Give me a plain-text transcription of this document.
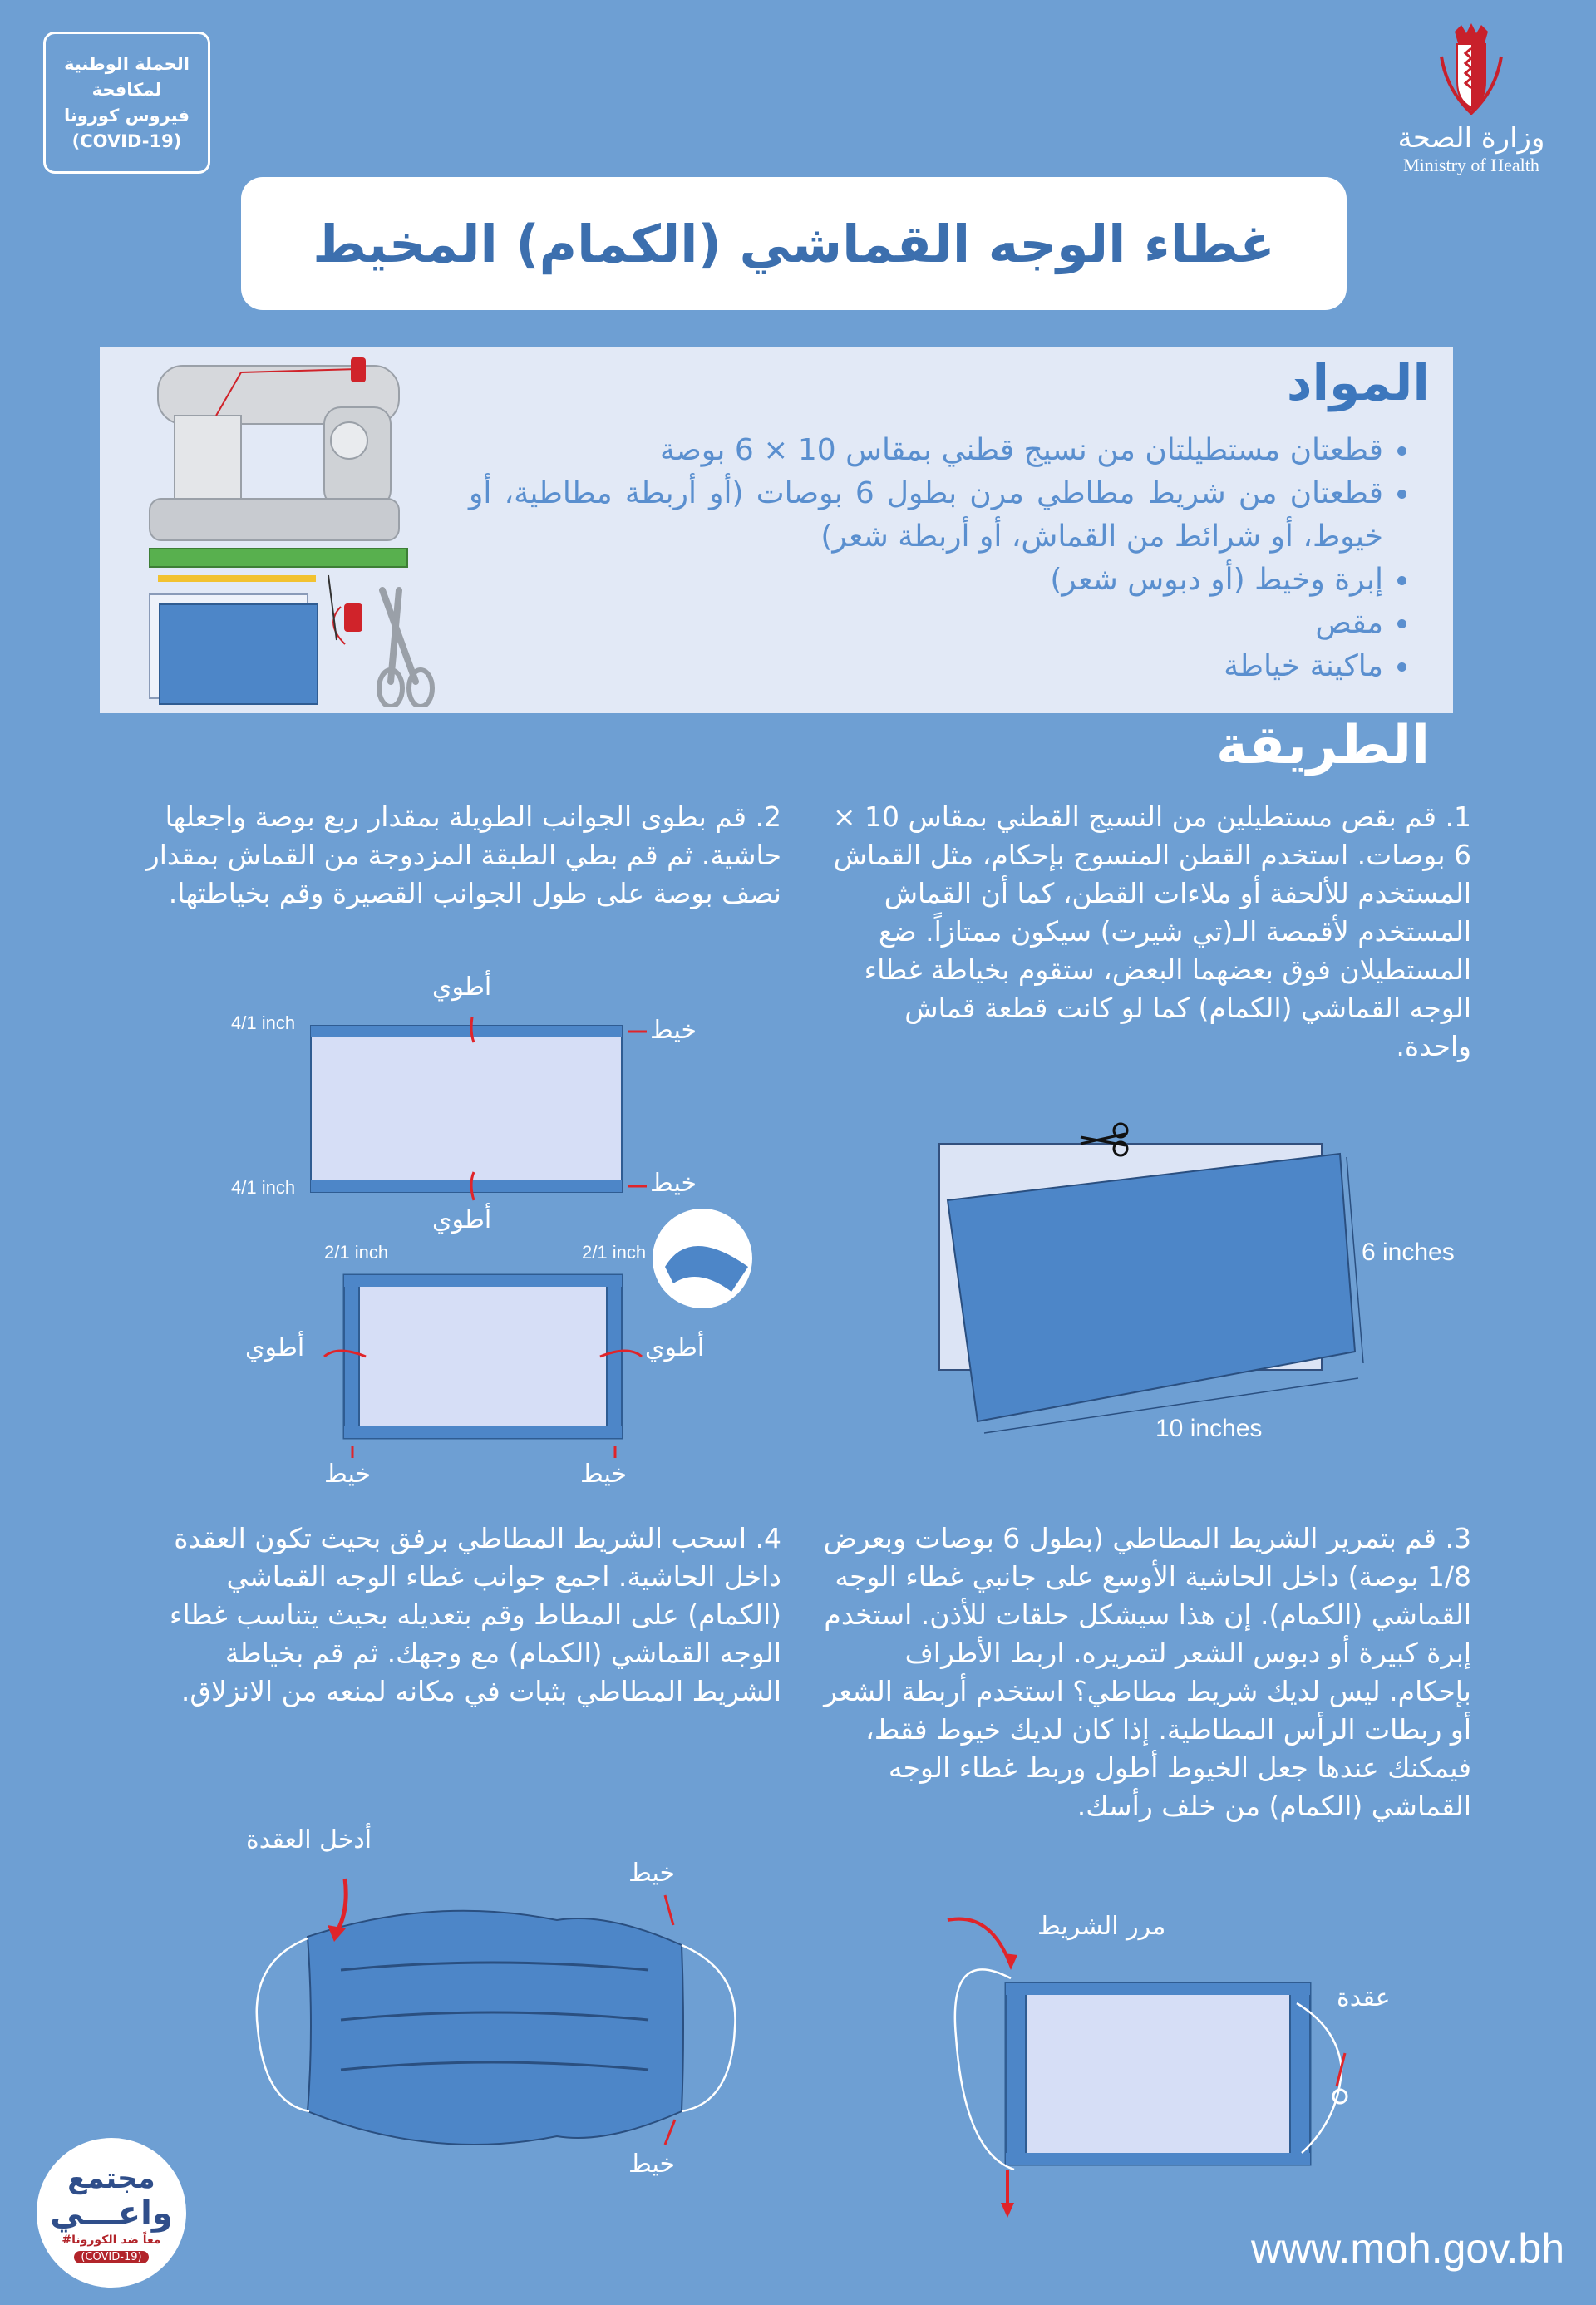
الحملة الوطنية
لمكافحة
فيروس كورونا
(COVID-19)	وزارة الصحة
Ministry of Health
غطاء الوجه القماشي (الكمام) المخيط
المواد
• قطعتان مستطيلتان من نسيج قطني بمقاس 10 × 6 بوصة
• قطعتان من شريط مطاطي مرن بطول 6 بوصات (أو أربطة مطاطية، أو خيوط، أو شرائط من القماش، أو أربطة شعر)
• إبرة وخيط (أو دبوس شعر)
• مقص
• ماكينة خياطة
الطريقة

1. قم بقص مستطيلين من النسيج القطني بمقاس 10 × 6 بوصات. استخدم القطن المنسوج بإحكام، مثل القماش المستخدم للألحفة أو ملاءات القطن، كما أن القماش المستخدم لأقمصة الـ(تي شيرت) سيكون ممتازاً. ضع المستطيلان فوق بعضهما البعض، ستقوم بخياطة غطاء الوجه القماشي (الكمام) كما لو كانت قطعة قماش واحدة.

2. قم بطوى الجوانب الطويلة بمقدار ربع بوصة واجعلها حاشية. ثم قم بطي الطبقة المزدوجة من القماش بمقدار نصف بوصة على طول الجوانب القصيرة وقم بخياطتها.

3. قم بتمرير الشريط المطاطي (بطول 6 بوصات وبعرض 1/8 بوصة) داخل الحاشية الأوسع على جانبي غطاء الوجه القماشي (الكمام). إن هذا سيشكل حلقات للأذن. استخدم إبرة كبيرة أو دبوس الشعر لتمريره. اربط الأطراف بإحكام. ليس لديك شريط مطاطي؟ استخدم أربطة الشعر أو ربطات الرأس المطاطية. إذا كان لديك خيوط فقط، فيمكنك عندها جعل الخيوط أطول وربط غطاء الوجه القماشي (الكمام) من خلف رأسك.

4. اسحب الشريط المطاطي برفق بحيث تكون العقدة داخل الحاشية. اجمع جوانب غطاء الوجه القماشي (الكمام) على المطاط وقم بتعديله بحيث يتناسب غطاء الوجه القماشي (الكمام) مع وجهك. ثم قم بخياطة الشريط المطاطي بثبات في مكانه لمنعه من الانزلاق.

6 inches
10 inches
أطوي
أطوي
أطوي	أطوي
خيط
خيط
خيط	خيط
4/1 inch
4/1 inch
2/1 inch	2/1 inch
مرر الشريط
عقدة
أدخل العقدة
خيط
خيط
مجتمع
واعـــي
#معاً ضد الكورونا
(COVID-19)	www.moh.gov.bh
